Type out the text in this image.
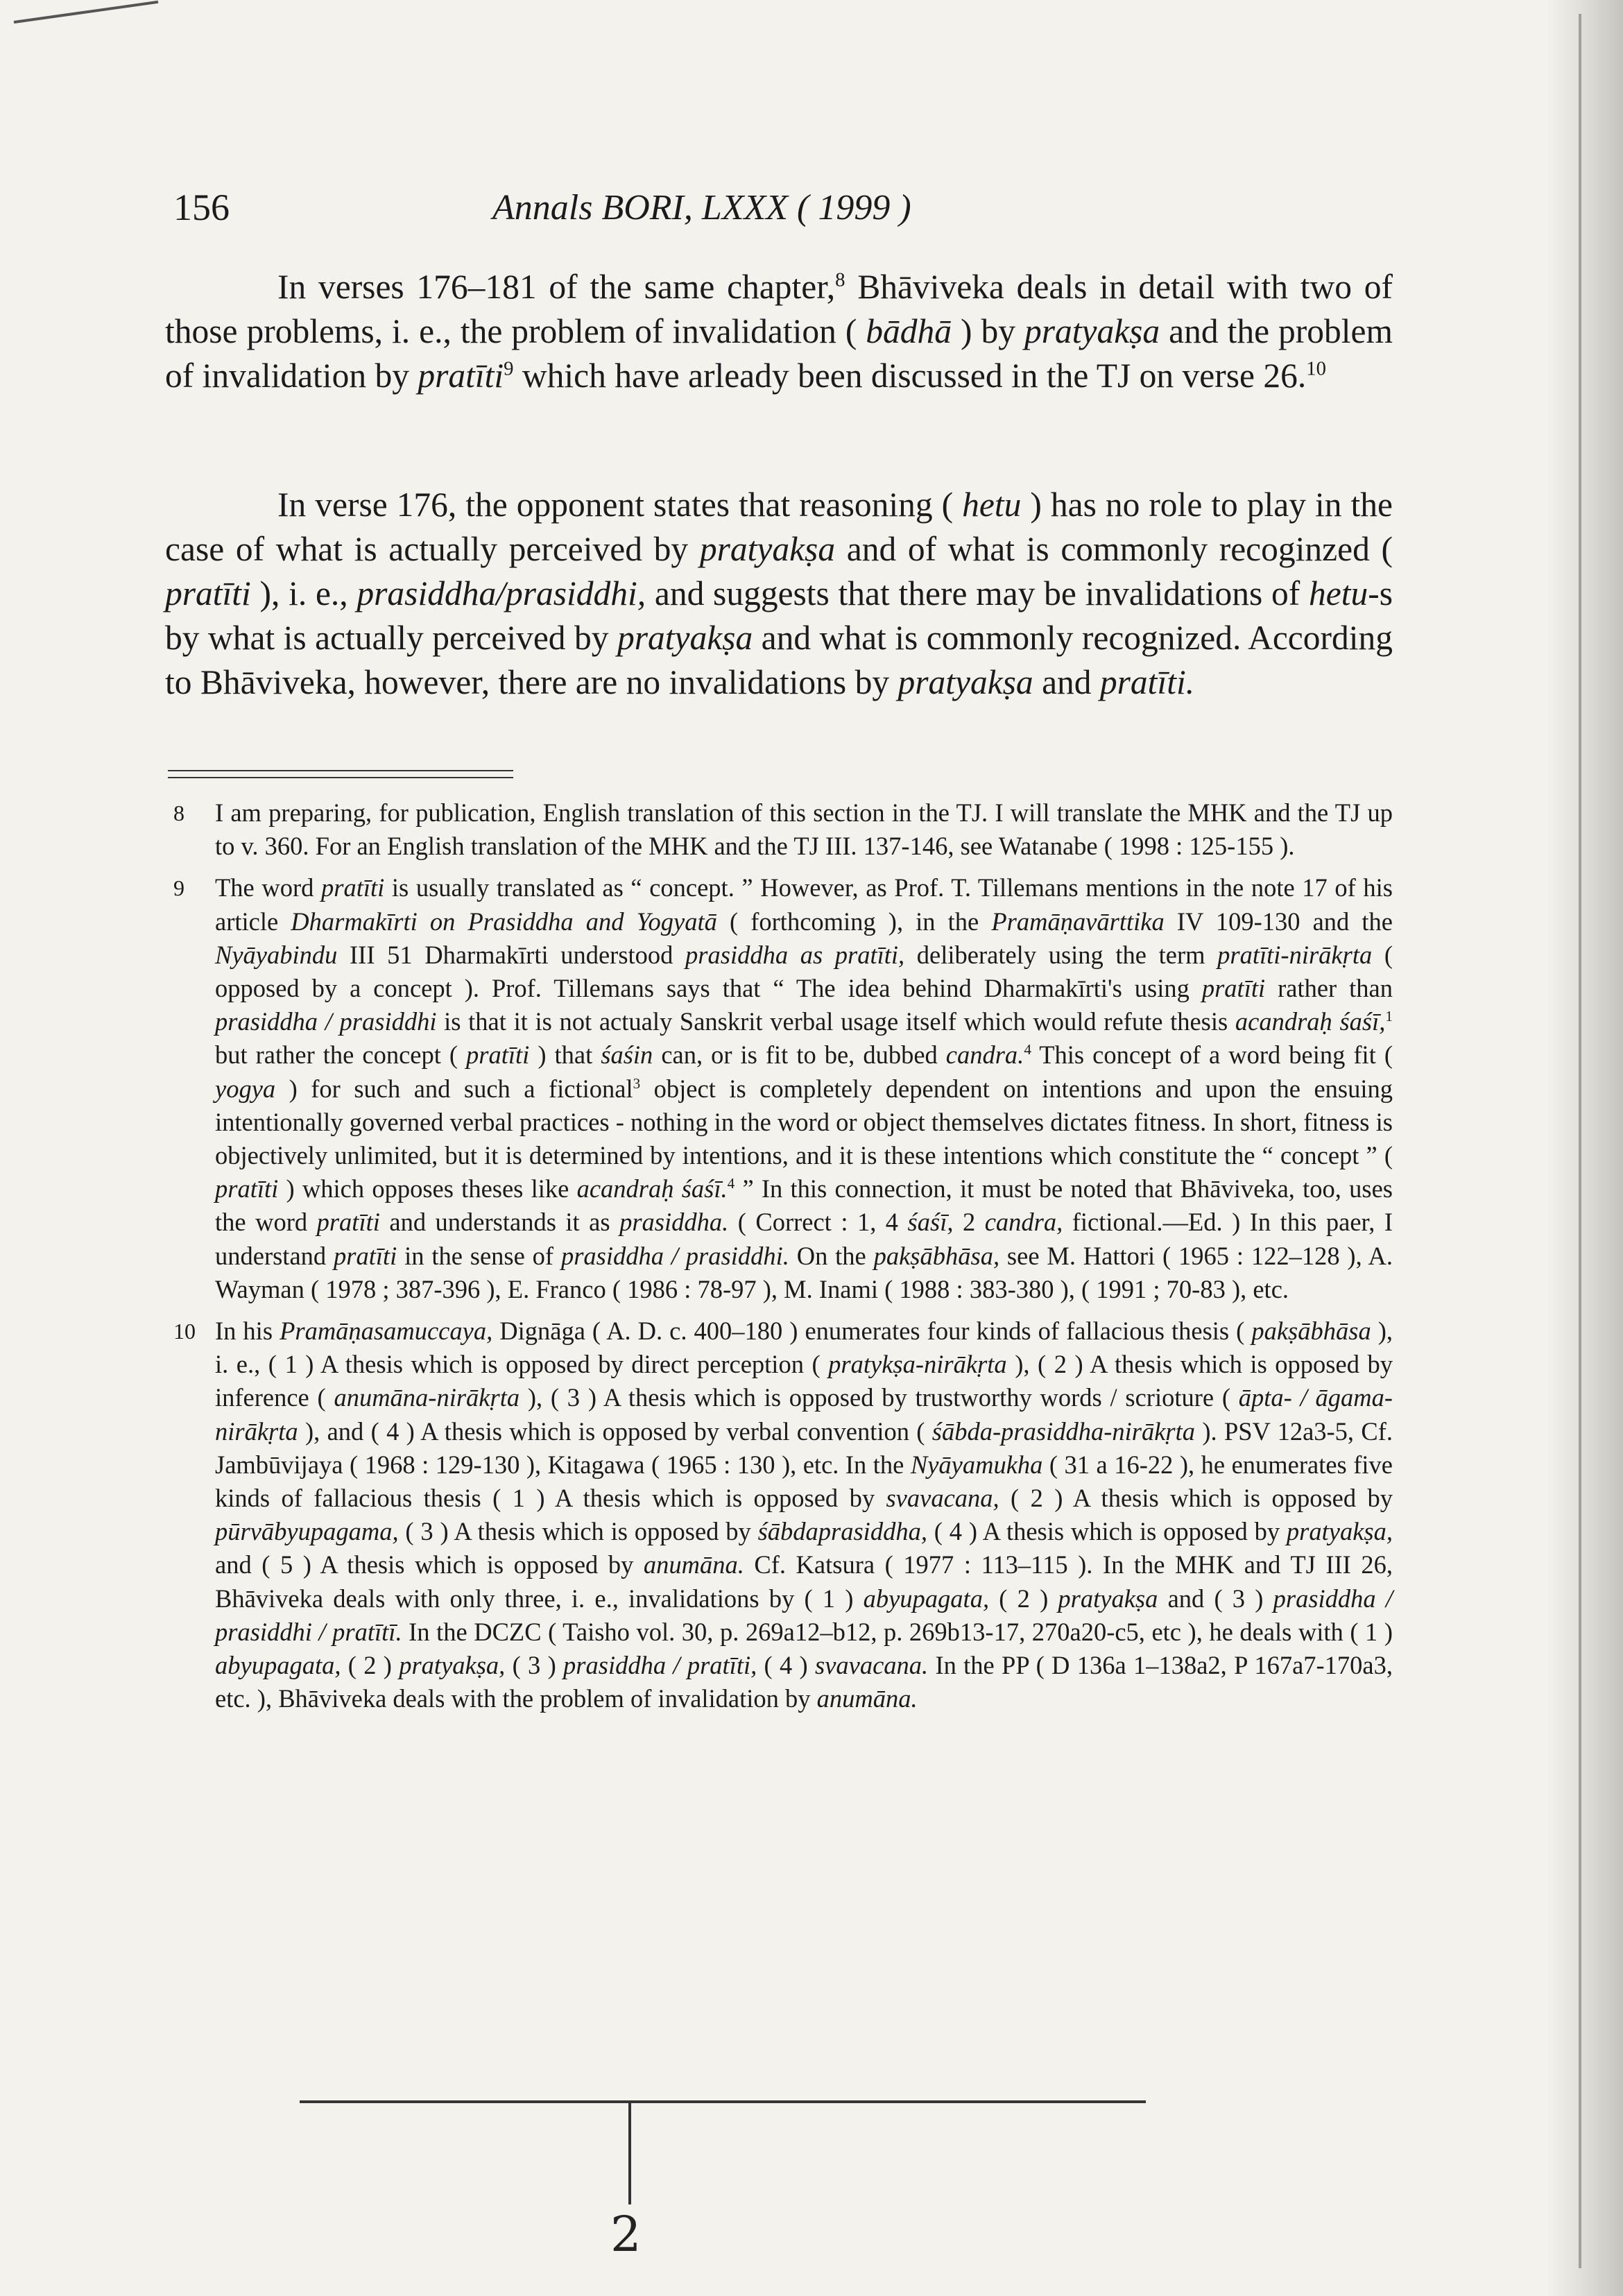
156	Annals BORI, LXXX ( 1999 )

In verses 176–181 of the same chapter,$^8$ Bhāviveka deals in detail with two of those problems, i. e., the problem of invalidation ( bādhā ) by pratyakṣa and the problem of invalidation by pratīti$^9$ which have arleady been discussed in the TJ on verse 26.10

In verse 176, the opponent states that reasoning ( hetu ) has no role to play in the case of what is actually perceived by pratyakṣa and of what is commonly recoginzed ( pratīti ), i. e., prasiddha/prasiddhi, and suggests that there may be invalidations of hetu-s by what is actually perceived by pratyakṣa and what is commonly recognized. According to Bhāviveka, however, there are no invalidations by pratyakṣa and pratīti.

8 I am preparing, for publication, English translation of this section in the TJ. I will translate the MHK and the TJ up to v. 360. For an English translation of the MHK and the TJ III. 137-146, see Watanabe ( 1998 : 125-155 ).
9 The word pratīti is usually translated as “ concept. ” However, as Prof. T. Tillemans mentions in the note 17 of his article Dharmakīrti on Prasiddha and Yogyatā ( forthcoming ), in the Pramāṇavārttika IV 109-130 and the Nyāyabindu III 51 Dharmakīrti understood prasiddha as pratīti, deliberately using the term pratīti-nirākṛta ( opposed by a concept ). Prof. Tillemans says that “ The idea behind Dharmakīrti's using pratīti rather than prasiddha / prasiddhi is that it is not actualy Sanskrit verbal usage itself which would refute thesis acandraḥ śaśī,$^1$ but rather the concept ( pratīti ) that śaśin can, or is fit to be, dubbed candra.$^4$ This concept of a word being fit ( yogya ) for such and such a fictional$^3$ object is completely dependent on intentions and upon the ensuing intentionally governed verbal practices - nothing in the word or object themselves dictates fitness. In short, fitness is objectively unlimited, but it is determined by intentions, and it is these intentions which constitute the “ concept ” ( pratīti ) which opposes theses like acandraḥ śaśī.$^4$ ” In this connection, it must be noted that Bhāviveka, too, uses the word pratīti and understands it as prasiddha. ( Correct : 1, 4 śaśī, 2 candra, fictional.—Ed. ) In this paer, I understand pratīti in the sense of prasiddha / prasiddhi. On the pakṣābhāsa, see M. Hattori ( 1965 : 122–128 ), A. Wayman ( 1978 ; 387-396 ), E. Franco ( 1986 : 78-97 ), M. Inami ( 1988 : 383-380 ), ( 1991 ; 70-83 ), etc.
10 In his Pramāṇasamuccaya, Dignāga ( A. D. c. 400–180 ) enumerates four kinds of fallacious thesis ( pakṣābhāsa ), i. e., ( 1 ) A thesis which is opposed by direct perception ( pratykṣa-nirākṛta ), ( 2 ) A thesis which is opposed by inference ( anumāna-nirākṛta ), ( 3 ) A thesis which is opposed by trustworthy words / scrioture ( āpta- / āgama-nirākṛta ), and ( 4 ) A thesis which is opposed by verbal convention ( śābda-prasiddha-nirākṛta ). PSV 12a3-5, Cf. Jambūvijaya ( 1968 : 129-130 ), Kitagawa ( 1965 : 130 ), etc. In the Nyāyamukha ( 31 a 16-22 ), he enumerates five kinds of fallacious thesis ( 1 ) A thesis which is opposed by svavacana, ( 2 ) A thesis which is opposed by pūrvābyupagama, ( 3 ) A thesis which is opposed by śābdaprasiddha, ( 4 ) A thesis which is opposed by pratyakṣa, and ( 5 ) A thesis which is opposed by anumāna. Cf. Katsura ( 1977 : 113–115 ). In the MHK and TJ III 26, Bhāviveka deals with only three, i. e., invalidations by ( 1 ) abyupagata, ( 2 ) pratyakṣa and ( 3 ) prasiddha / prasiddhi / pratītī. In the DCZC ( Taisho vol. 30, p. 269a12–b12, p. 269b13-17, 270a20-c5, etc ), he deals with ( 1 ) abyupagata, ( 2 ) pratyakṣa, ( 3 ) prasiddha / pratīti, ( 4 ) svavacana. In the PP ( D 136a 1–138a2, P 167a7-170a3, etc. ), Bhāviveka deals with the problem of invalidation by anumāna.
2
